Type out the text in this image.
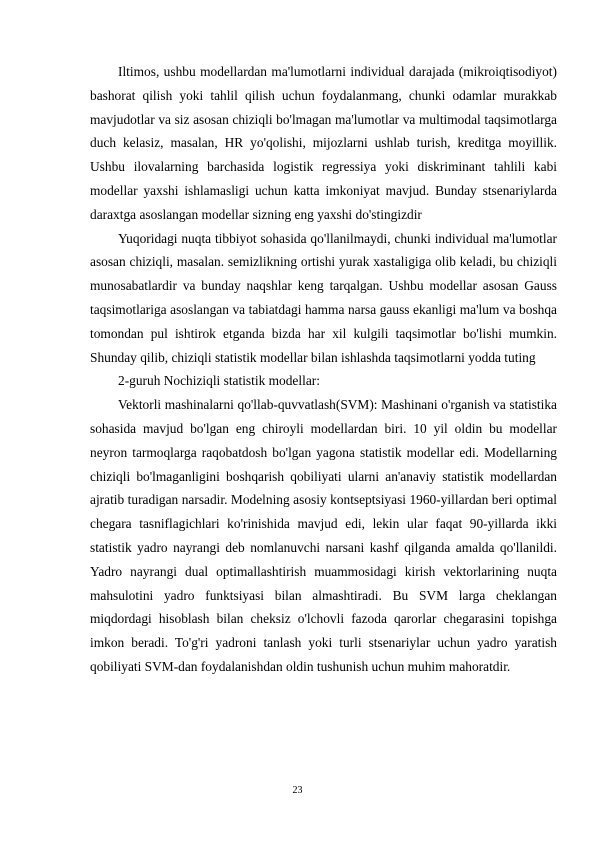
Iltimos, ushbu modellardan ma'lumotlarni individual darajada (mikroiqtisodiyot) bashorat qilish yoki tahlil qilish uchun foydalanmang, chunki odamlar murakkab mavjudotlar va siz asosan chiziqli bo'lmagan ma'lumotlar va multimodal taqsimotlarga duch kelasiz, masalan, HR yo'qolishi, mijozlarni ushlab turish, kreditga moyillik. Ushbu ilovalarning barchasida logistik regressiya yoki diskriminant tahlili kabi modellar yaxshi ishlamasligi uchun katta imkoniyat mavjud. Bunday stsenariylarda daraxtga asoslangan modellar sizning eng yaxshi do'stingizdir

Yuqoridagi nuqta tibbiyot sohasida qo'llanilmaydi, chunki individual ma'lumotlar asosan chiziqli, masalan. semizlikning ortishi yurak xastaligiga olib keladi, bu chiziqli munosabatlardir va bunday naqshlar keng tarqalgan. Ushbu modellar asosan Gauss taqsimotlariga asoslangan va tabiatdagi hamma narsa gauss ekanligi ma'lum va boshqa tomondan pul ishtirok etganda bizda har xil kulgili taqsimotlar bo'lishi mumkin. Shunday qilib, chiziqli statistik modellar bilan ishlashda taqsimotlarni yodda tuting

2-guruh Nochiziqli statistik modellar:

Vektorli mashinalarni qo'llab-quvvatlash(SVM): Mashinani o'rganish va statistika sohasida mavjud bo'lgan eng chiroyli modellardan biri. 10 yil oldin bu modellar neyron tarmoqlarga raqobatdosh bo'lgan yagona statistik modellar edi. Modellarning chiziqli bo'lmaganligini boshqarish qobiliyati ularni an'anaviy statistik modellardan ajratib turadigan narsadir. Modelning asosiy kontseptsiyasi 1960-yillardan beri optimal chegara tasniflagichlari ko'rinishida mavjud edi, lekin ular faqat 90-yillarda ikki statistik yadro nayrangi deb nomlanuvchi narsani kashf qilganda amalda qo'llanildi. Yadro nayrangi dual optimallashtirish muammosidagi kirish vektorlarining nuqta mahsulotini yadro funktsiyasi bilan almashtiradi. Bu SVM larga cheklangan miqdordagi hisoblash bilan cheksiz o'lchovli fazoda qarorlar chegarasini topishga imkon beradi. To'g'ri yadroni tanlash yoki turli stsenariylar uchun yadro yaratish qobiliyati SVM-dan foydalanishdan oldin tushunish uchun muhim mahoratdir.

23
